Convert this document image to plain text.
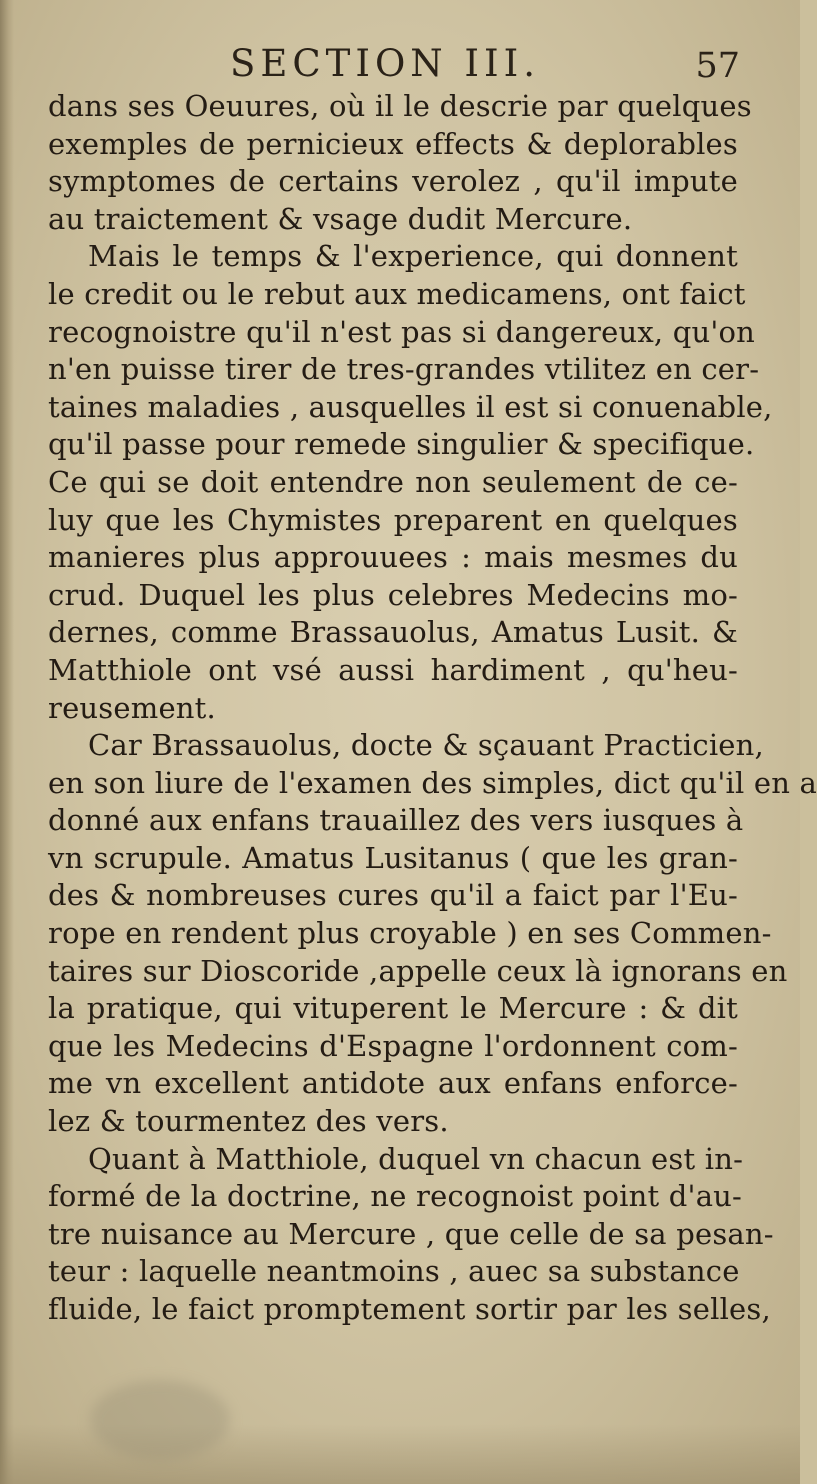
SECTION III.	57
dans ses Oeuures, où il le descrie par quelques
exemples de pernicieux effects & deplorables
symptomes de certains verolez , qu'il impute
au traictement & vsage dudit Mercure.
Mais le temps & l'experience, qui donnent
le credit ou le rebut aux medicamens, ont faict
recognoistre qu'il n'est pas si dangereux, qu'on
n'en puisse tirer de tres-grandes vtilitez en cer-
taines maladies , ausquelles il est si conuenable,
qu'il passe pour remede singulier & specifique.
Ce qui se doit entendre non seulement de ce-
luy que les Chymistes preparent en quelques
manieres plus approuuees : mais mesmes du
crud. Duquel les plus celebres Medecins mo-
dernes, comme Brassauolus, Amatus Lusit. &
Matthiole ont vsé aussi hardiment , qu'heu-
reusement.
Car Brassauolus, docte & sçauant Practicien,
en son liure de l'examen des simples, dict qu'il en a
donné aux enfans trauaillez des vers iusques à
vn scrupule. Amatus Lusitanus ( que les gran-
des & nombreuses cures qu'il a faict par l'Eu-
rope en rendent plus croyable ) en ses Commen-
taires sur Dioscoride ,appelle ceux là ignorans en
la pratique, qui vituperent le Mercure : & dit
que les Medecins d'Espagne l'ordonnent com-
me vn excellent antidote aux enfans enforce-
lez & tourmentez des vers.
Quant à Matthiole, duquel vn chacun est in-
formé de la doctrine, ne recognoist point d'au-
tre nuisance au Mercure , que celle de sa pesan-
teur : laquelle neantmoins , auec sa substance
fluide, le faict promptement sortir par les selles,
